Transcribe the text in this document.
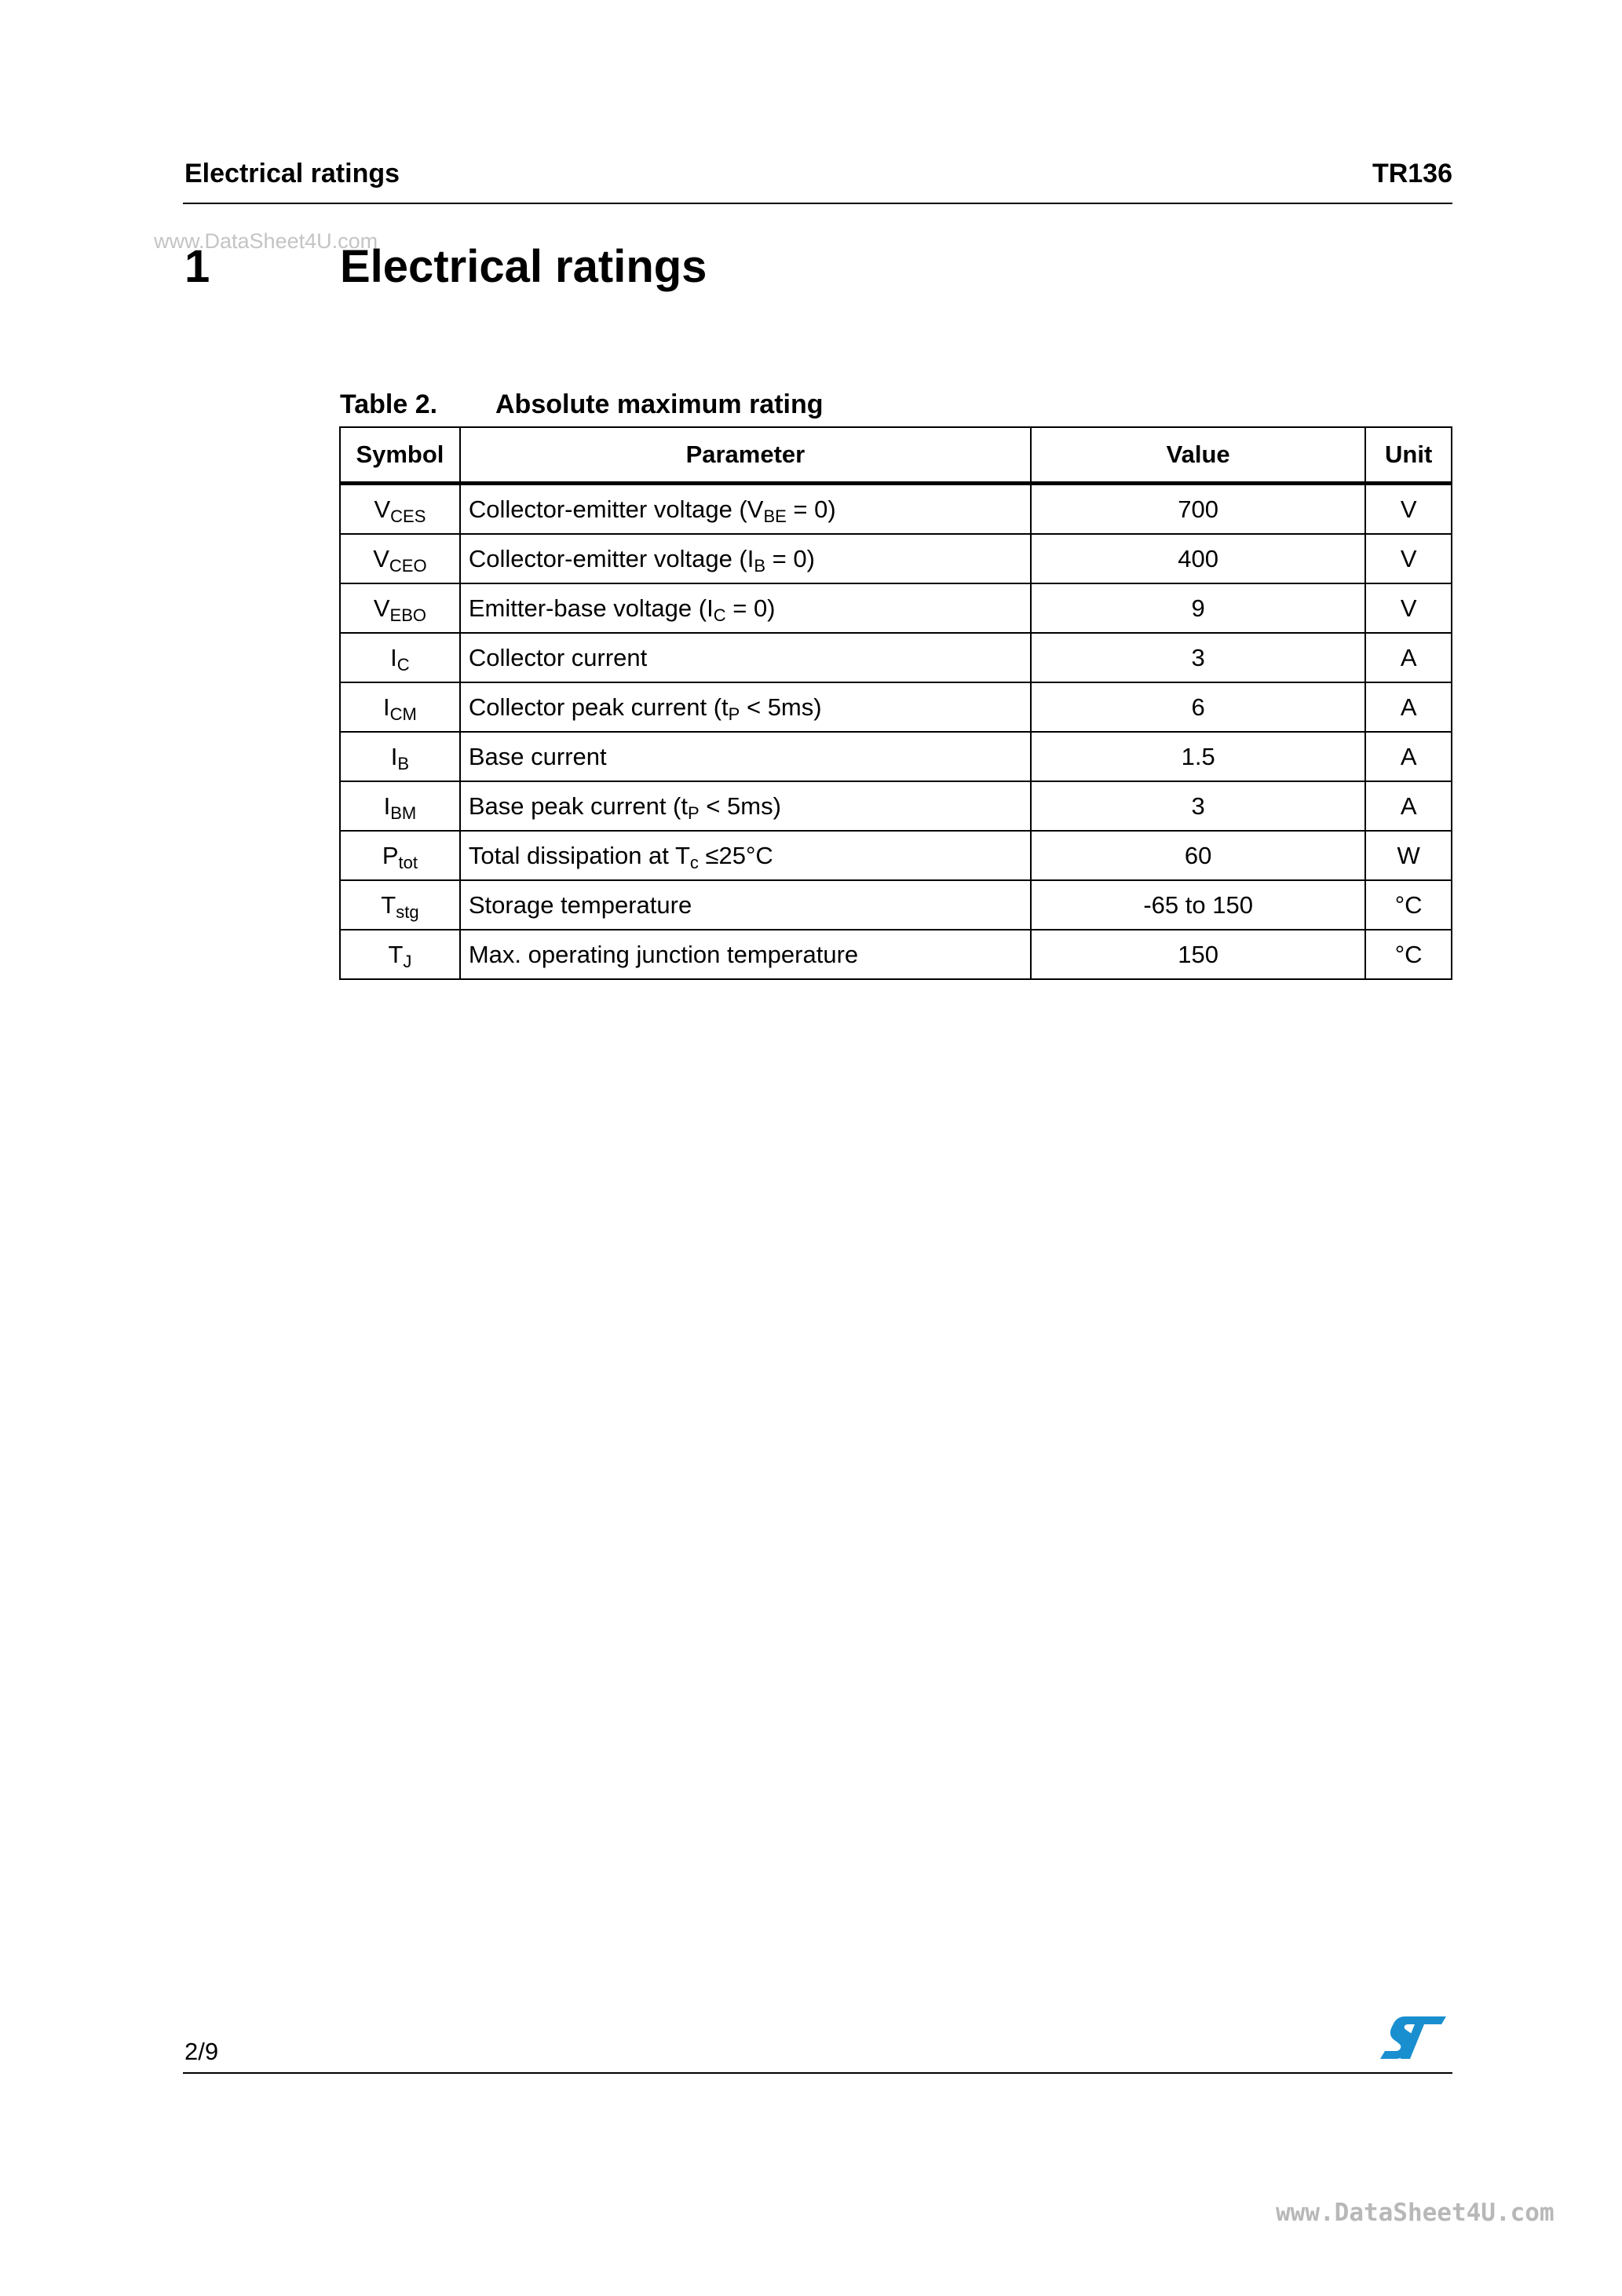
Electrical ratings	TR136
www.DataSheet4U.com
1	Electrical ratings
Table 2. Absolute maximum rating
Symbol	Parameter	Value	Unit
$V_{CES}$	Collector-emitter voltage $(V_{BE} = 0)$	700	V
$V_{CEO}$	Collector-emitter voltage $(I_B = 0)$	400	V
$V_{EBO}$	Emitter-base voltage $(I_C = 0)$	9	V
$I_C$	Collector current	3	A
$I_{CM}$	Collector peak current $(t_P < 5ms)$	6	A
$I_B$	Base current	1.5	A
$I_{BM}$	Base peak current $(t_P < 5ms)$	3	A
$P_{tot}$	Total dissipation at $T_c \le 25^\circ C$	60	W
$T_{stg}$	Storage temperature	-65 to 150	°C
$T_J$	Max. operating junction temperature	150	°C
2/9
www.DataSheet4U.com
